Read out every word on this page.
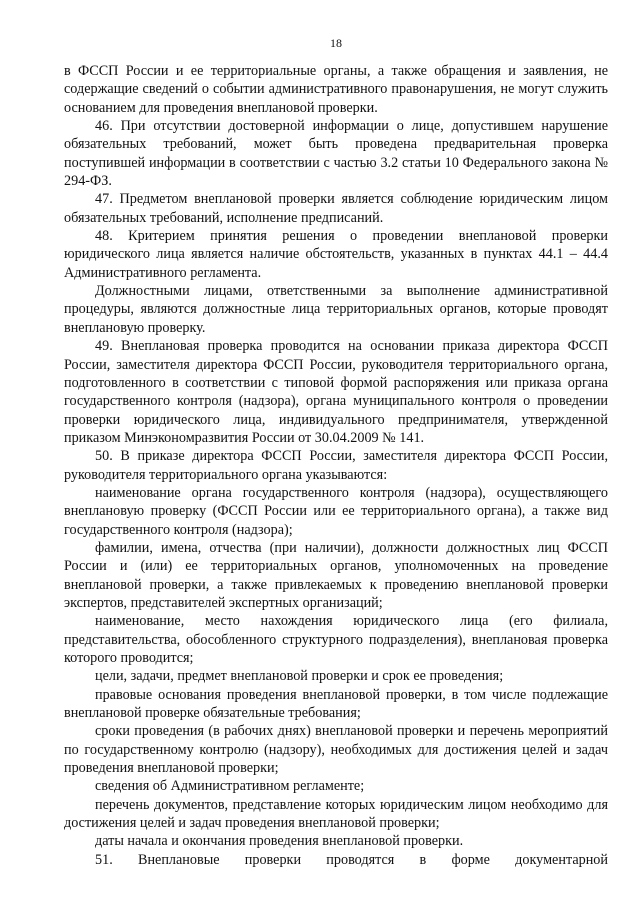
18

в ФССП России и ее территориальные органы, а также обращения и заявления, не содержащие сведений о событии административного правонарушения, не могут служить основанием для проведения внеплановой проверки.

46. При отсутствии достоверной информации о лице, допустившем нарушение обязательных требований, может быть проведена предварительная проверка поступившей информации в соответствии с частью 3.2 статьи 10 Федерального закона № 294-ФЗ.

47. Предметом внеплановой проверки является соблюдение юридическим лицом обязательных требований, исполнение предписаний.

48. Критерием принятия решения о проведении внеплановой проверки юридического лица является наличие обстоятельств, указанных в пунктах 44.1 – 44.4 Административного регламента.

Должностными лицами, ответственными за выполнение административной процедуры, являются должностные лица территориальных органов, которые проводят внеплановую проверку.

49. Внеплановая проверка проводится на основании приказа директора ФССП России, заместителя директора ФССП России, руководителя территориального органа, подготовленного в соответствии с типовой формой распоряжения или приказа органа государственного контроля (надзора), органа муниципального контроля о проведении проверки юридического лица, индивидуального предпринимателя, утвержденной приказом Минэкономразвития России от 30.04.2009 № 141.

50. В приказе директора ФССП России, заместителя директора ФССП России, руководителя территориального органа указываются:

наименование органа государственного контроля (надзора), осуществляющего внеплановую проверку (ФССП России или ее территориального органа), а также вид государственного контроля (надзора);

фамилии, имена, отчества (при наличии), должности должностных лиц ФССП России и (или) ее территориальных органов, уполномоченных на проведение внеплановой проверки, а также привлекаемых к проведению внеплановой проверки экспертов, представителей экспертных организаций;

наименование, место нахождения юридического лица (его филиала, представительства, обособленного структурного подразделения), внеплановая проверка которого проводится;

цели, задачи, предмет внеплановой проверки и срок ее проведения;

правовые основания проведения внеплановой проверки, в том числе подлежащие внеплановой проверке обязательные требования;

сроки проведения (в рабочих днях) внеплановой проверки и перечень мероприятий по государственному контролю (надзору), необходимых для достижения целей и задач проведения внеплановой проверки;

сведения об Административном регламенте;

перечень документов, представление которых юридическим лицом необходимо для достижения целей и задач проведения внеплановой проверки;

даты начала и окончания проведения внеплановой проверки.

51. Внеплановые проверки проводятся в форме документарной
